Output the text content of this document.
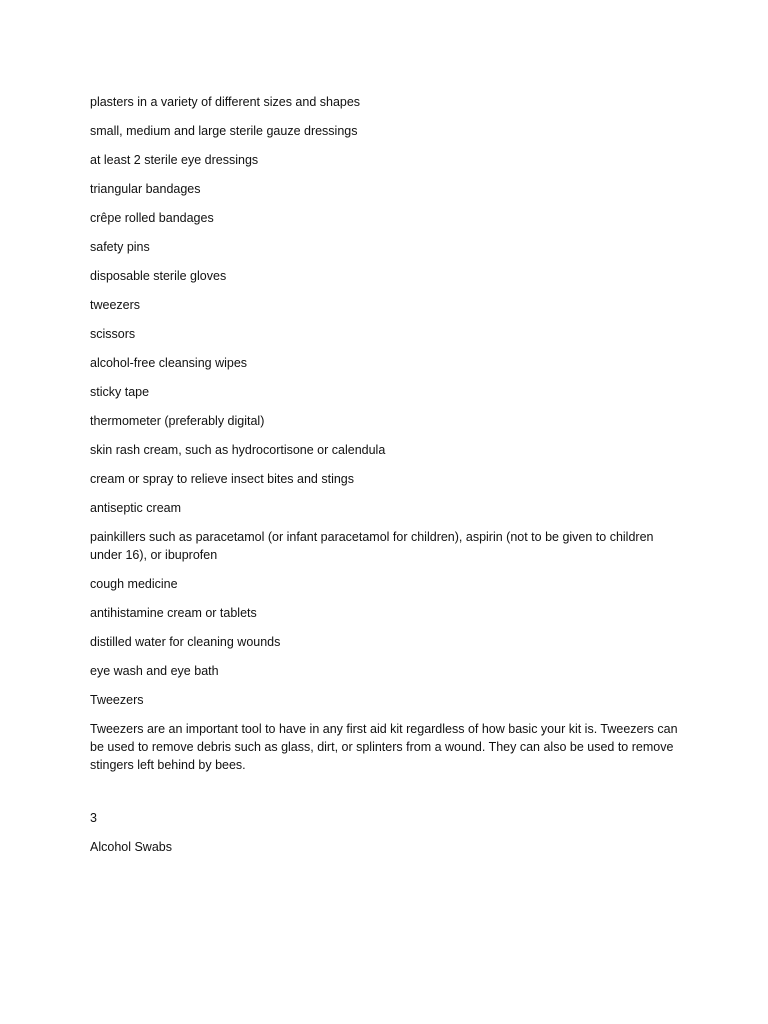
plasters in a variety of different sizes and shapes
small, medium and large sterile gauze dressings
at least 2 sterile eye dressings
triangular bandages
crêpe rolled bandages
safety pins
disposable sterile gloves
tweezers
scissors
alcohol-free cleansing wipes
sticky tape
thermometer (preferably digital)
skin rash cream, such as hydrocortisone or calendula
cream or spray to relieve insect bites and stings
antiseptic cream
painkillers such as paracetamol (or infant paracetamol for children), aspirin (not to be given to children under 16), or ibuprofen
cough medicine
antihistamine cream or tablets
distilled water for cleaning wounds
eye wash and eye bath
Tweezers
Tweezers are an important tool to have in any first aid kit regardless of how basic your kit is. Tweezers can be used to remove debris such as glass, dirt, or splinters from a wound. They can also be used to remove stingers left behind by bees.
3
Alcohol Swabs
